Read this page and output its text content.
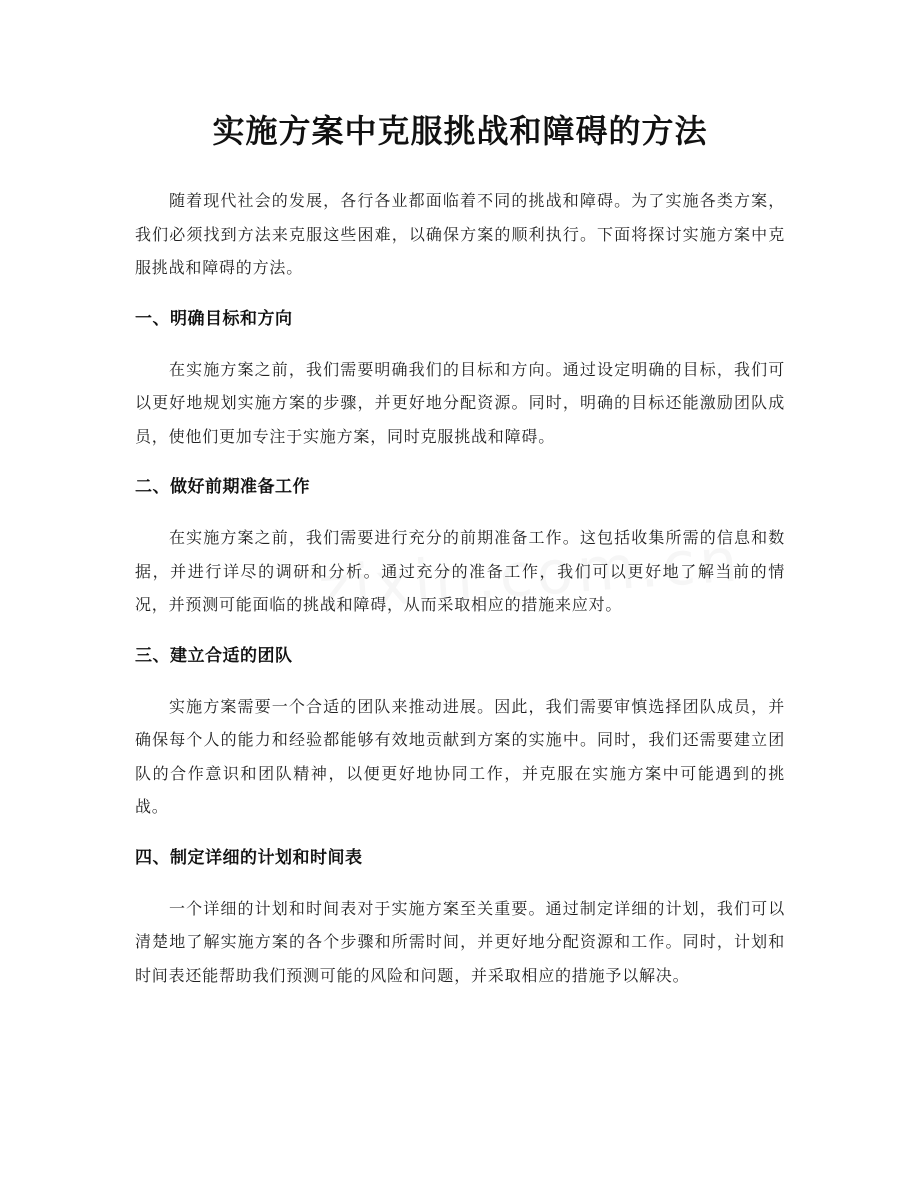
实施方案中克服挑战和障碍的方法

随着现代社会的发展，各行各业都面临着不同的挑战和障碍。为了实施各类方案，我们必须找到方法来克服这些困难，以确保方案的顺利执行。下面将探讨实施方案中克服挑战和障碍的方法。

一、明确目标和方向

在实施方案之前，我们需要明确我们的目标和方向。通过设定明确的目标，我们可以更好地规划实施方案的步骤，并更好地分配资源。同时，明确的目标还能激励团队成员，使他们更加专注于实施方案，同时克服挑战和障碍。

二、做好前期准备工作

在实施方案之前，我们需要进行充分的前期准备工作。这包括收集所需的信息和数据，并进行详尽的调研和分析。通过充分的准备工作，我们可以更好地了解当前的情况，并预测可能面临的挑战和障碍，从而采取相应的措施来应对。

三、建立合适的团队

实施方案需要一个合适的团队来推动进展。因此，我们需要审慎选择团队成员，并确保每个人的能力和经验都能够有效地贡献到方案的实施中。同时，我们还需要建立团队的合作意识和团队精神，以便更好地协同工作，并克服在实施方案中可能遇到的挑战。

四、制定详细的计划和时间表

一个详细的计划和时间表对于实施方案至关重要。通过制定详细的计划，我们可以清楚地了解实施方案的各个步骤和所需时间，并更好地分配资源和工作。同时，计划和时间表还能帮助我们预测可能的风险和问题，并采取相应的措施予以解决。
